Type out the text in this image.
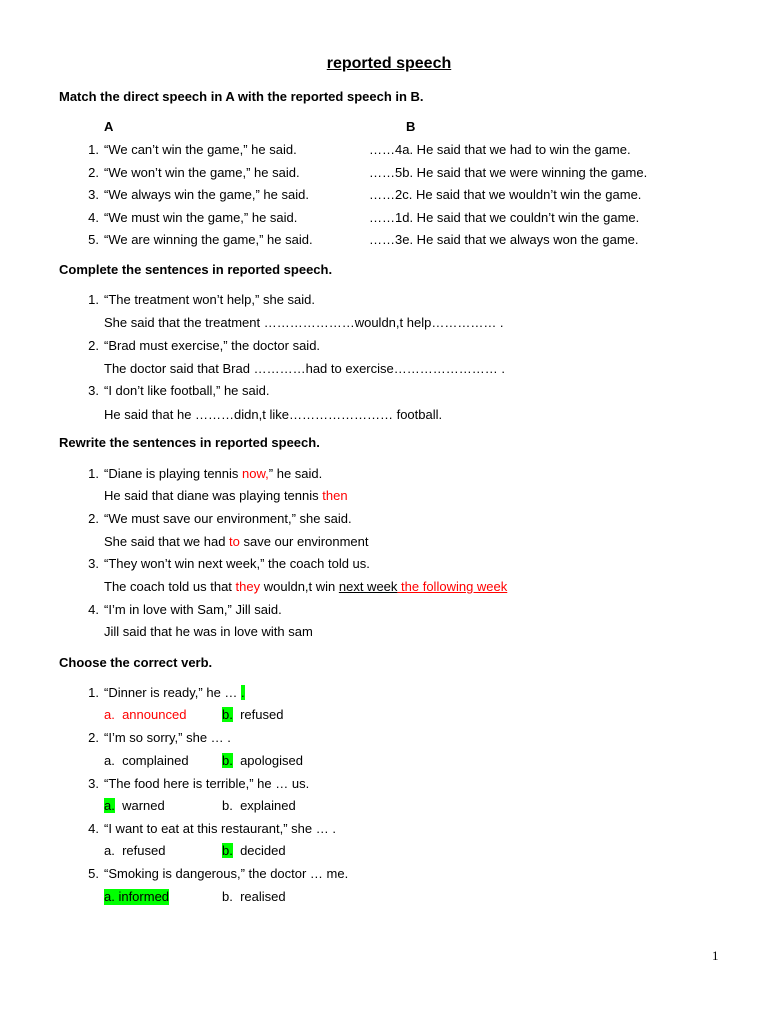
reported speech
Match the direct speech in A with the reported speech in B.
A	B
1. “We can’t win the game,” he said.	……4a. He said that we had to win the game.
2. “We won’t win the game,” he said.	……5b. He said that we were winning the game.
3. “We always win the game,” he said.	……2c. He said that we wouldn’t win the game.
4. “We must win the game,” he said.	……1d. He said that we couldn’t win the game.
5. “We are winning the game,” he said.	……3e. He said that we always won the game.
Complete the sentences in reported speech.
1. “The treatment won’t help,” she said.
She said that the treatment …………………wouldn,t help…………… .
2. “Brad must exercise,” the doctor said.
The doctor said that Brad …………had to exercise…………………… .
3. “I don’t like football,” he said.
He said that he ………didn,t like…………………… football.
Rewrite the sentences in reported speech.
1. “Diane is playing tennis now,” he said.
He said that diane was playing tennis then
2. “We must save our environment,” she said.
She said that we had to save our environment
3. “They won’t win next week,” the coach told us.
The coach told us that they wouldn,t win next week the following week
4. “I’m in love with Sam,” Jill said.
Jill said that he was in love with sam
Choose the correct verb.
1. “Dinner is ready,” he … .
a. announced	b. refused
2. “I’m so sorry,” she … .
a. complained	b. apologised
3. “The food here is terrible,” he … us.
a. warned	b. explained
4. “I want to eat at this restaurant,” she … .
a. refused	b. decided
5. “Smoking is dangerous,” the doctor … me.
a. informed	b. realised
1
